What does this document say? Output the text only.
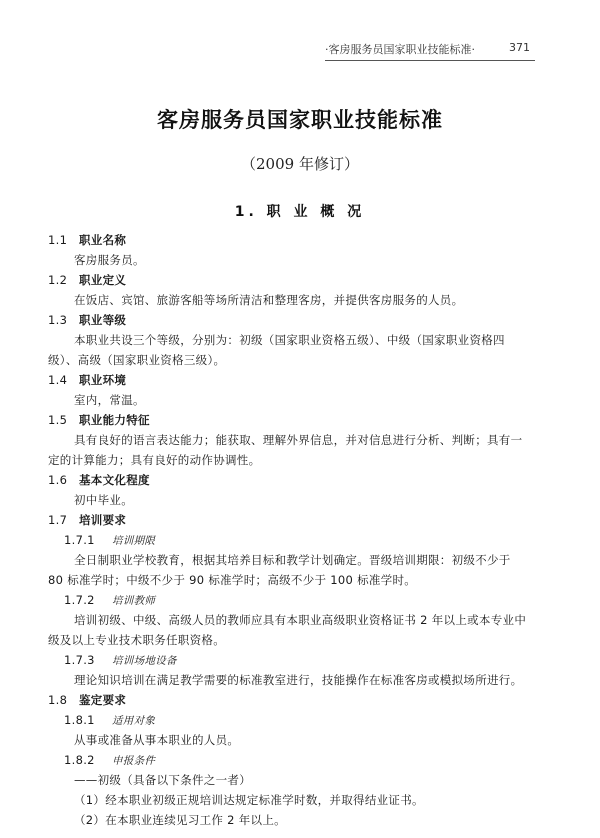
·客房服务员国家职业技能标准·	371
客房服务员国家职业技能标准
（2009 年修订）
1. 职 业 概 况
1.1 职业名称
客房服务员。
1.2 职业定义
在饭店、宾馆、旅游客船等场所清洁和整理客房，并提供客房服务的人员。
1.3 职业等级
本职业共设三个等级，分别为：初级（国家职业资格五级）、中级（国家职业资格四
级）、高级（国家职业资格三级）。
1.4 职业环境
室内，常温。
1.5 职业能力特征
具有良好的语言表达能力；能获取、理解外界信息，并对信息进行分析、判断；具有一
定的计算能力；具有良好的动作协调性。
1.6 基本文化程度
初中毕业。
1.7 培训要求
1.7.1 培训期限
全日制职业学校教育，根据其培养目标和教学计划确定。晋级培训期限：初级不少于
80 标准学时；中级不少于 90 标准学时；高级不少于 100 标准学时。
1.7.2 培训教师
培训初级、中级、高级人员的教师应具有本职业高级职业资格证书 2 年以上或本专业中
级及以上专业技术职务任职资格。
1.7.3 培训场地设备
理论知识培训在满足教学需要的标准教室进行，技能操作在标准客房或模拟场所进行。
1.8 鉴定要求
1.8.1 适用对象
从事或准备从事本职业的人员。
1.8.2 申报条件
——初级（具备以下条件之一者）
（1）经本职业初级正规培训达规定标准学时数，并取得结业证书。
（2）在本职业连续见习工作 2 年以上。
